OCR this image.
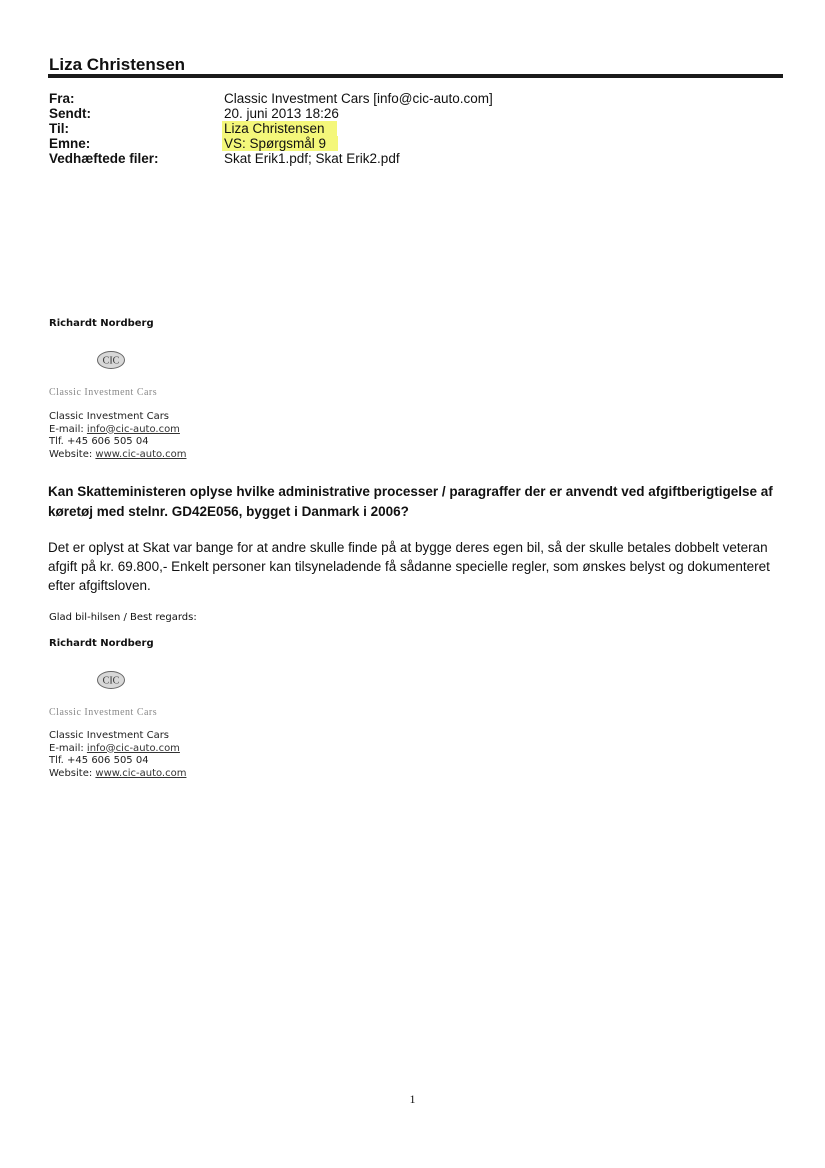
Liza Christensen
Fra:	Classic Investment Cars [info@cic-auto.com]
Sendt:	20. juni 2013 18:26
Til:	Liza Christensen
Emne:	VS: Spørgsmål 9
Vedhæftede filer:	Skat Erik1.pdf; Skat Erik2.pdf
Richardt Nordberg
CIC
Classic Investment Cars
Classic Investment Cars
E-mail: info@cic-auto.com
Tlf. +45 606 505 04
Website: www.cic-auto.com
Kan Skatteministeren oplyse hvilke administrative processer / paragraffer der er anvendt ved afgiftberigtigelse af køretøj med stelnr. GD42E056, bygget i Danmark i 2006?
Det er oplyst at Skat var bange for at andre skulle finde på at bygge deres egen bil, så der skulle betales dobbelt veteran afgift på kr. 69.800,- Enkelt personer kan tilsyneladende få sådanne specielle regler, som ønskes belyst og dokumenteret efter afgiftsloven.
Glad bil-hilsen / Best regards:
Richardt Nordberg
CIC
Classic Investment Cars
Classic Investment Cars
E-mail: info@cic-auto.com
Tlf. +45 606 505 04
Website: www.cic-auto.com
1
